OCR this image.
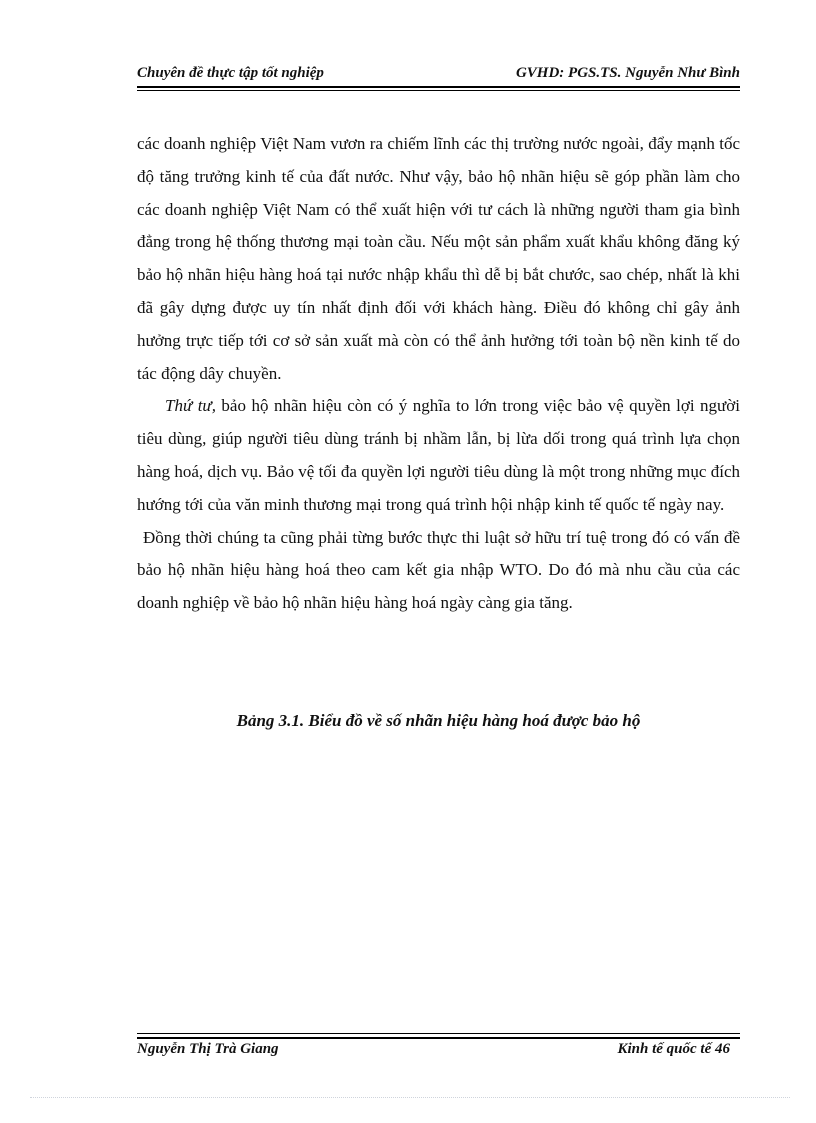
Chuyên đề thực tập tốt nghiệp	GVHD: PGS.TS. Nguyễn Như Bình

các doanh nghiệp Việt Nam vươn ra chiếm lĩnh các thị trường nước ngoài, đẩy mạnh tốc độ tăng trưởng kinh tế của đất nước. Như vậy, bảo hộ nhãn hiệu sẽ góp phần làm cho các doanh nghiệp Việt Nam có thể xuất hiện với tư cách là những người tham gia bình đẳng trong hệ thống thương mại toàn cầu. Nếu một sản phẩm xuất khẩu không đăng ký bảo hộ nhãn hiệu hàng hoá tại nước nhập khẩu thì dễ bị bắt chước, sao chép, nhất là khi đã gây dựng được uy tín nhất định đối với khách hàng. Điều đó không chỉ gây ảnh hưởng trực tiếp tới cơ sở sản xuất mà còn có thể ảnh hưởng tới toàn bộ nền kinh tế do tác động dây chuyền.

Thứ tư, bảo hộ nhãn hiệu còn có ý nghĩa to lớn trong việc bảo vệ quyền lợi người tiêu dùng, giúp người tiêu dùng tránh bị nhầm lẫn, bị lừa dối trong quá trình lựa chọn hàng hoá, dịch vụ. Bảo vệ tối đa quyền lợi người tiêu dùng là một trong những mục đích hướng tới của văn minh thương mại trong quá trình hội nhập kinh tế quốc tế ngày nay.

Đồng thời chúng ta cũng phải từng bước thực thi luật sở hữu trí tuệ trong đó có vấn đề bảo hộ nhãn hiệu hàng hoá theo cam kết gia nhập WTO. Do đó mà nhu cầu của các doanh nghiệp về bảo hộ nhãn hiệu hàng hoá ngày càng gia tăng.

Bảng 3.1. Biểu đồ về số nhãn hiệu hàng hoá được bảo hộ
Nguyễn Thị Trà Giang	Kinh tế quốc tế 46
